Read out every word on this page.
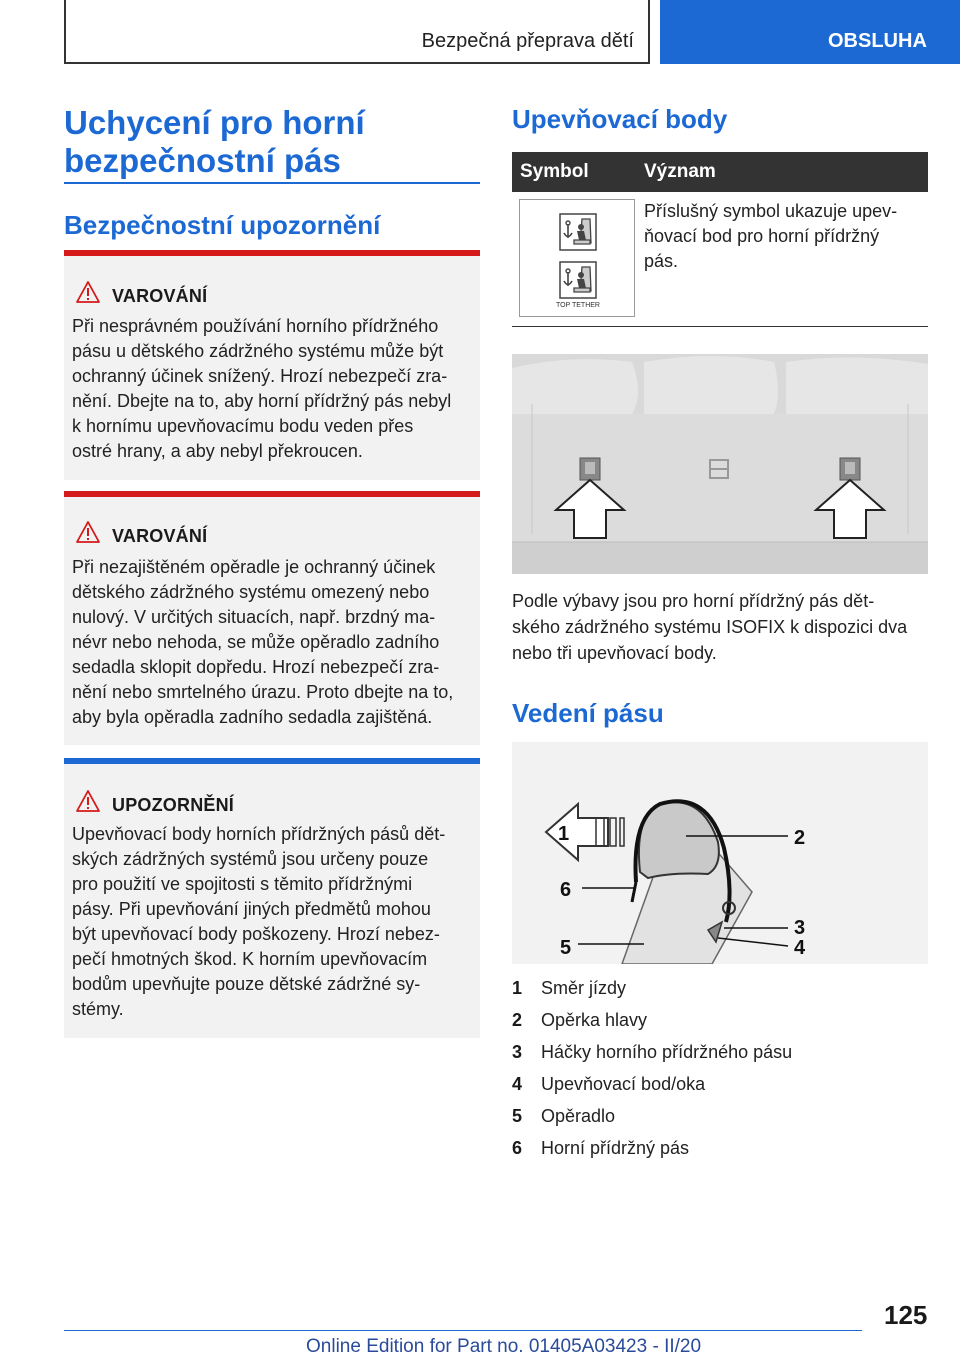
Bezpečná přeprava dětí	OBSLUHA
Uchycení pro horní bezpečnostní pás
Bezpečnostní upozornění
VAROVÁNÍ
Při nesprávném používání horního přídržného
pásu u dětského zádržného systému může být
ochranný účinek snížený. Hrozí nebezpečí zra-
nění. Dbejte na to, aby horní přídržný pás nebyl
k hornímu upevňovacímu bodu veden přes
ostré hrany, a aby nebyl překroucen.
VAROVÁNÍ
Při nezajištěném opěradle je ochranný účinek
dětského zádržného systému omezený nebo
nulový. V určitých situacích, např. brzdný ma-
névr nebo nehoda, se může opěradlo zadního
sedadla sklopit dopředu. Hrozí nebezpečí zra-
nění nebo smrtelného úrazu. Proto dbejte na to,
aby byla opěradla zadního sedadla zajištěná.
UPOZORNĚNÍ
Upevňovací body horních přídržných pásů dět-
ských zádržných systémů jsou určeny pouze
pro použití ve spojitosti s těmito přídržnými
pásy. Při upevňování jiných předmětů mohou
být upevňovací body poškozeny. Hrozí nebez-
pečí hmotných škod. K horním upevňovacím
bodům upevňujte pouze dětské zádržné sy-
stémy.
Upevňovací body
Symbol	Význam
TOP TETHER
Příslušný symbol ukazuje upev-
ňovací bod pro horní přídržný
pás.
Podle výbavy jsou pro horní přídržný pás dět-
ského zádržného systému ISOFIX k dispozici dva
nebo tři upevňovací body.
Vedení pásu
1	2
3
4
5
6
1 Směr jízdy
2 Opěrka hlavy
3 Háčky horního přídržného pásu
4 Upevňovací bod/oka
5 Opěradlo
6 Horní přídržný pás
125
Online Edition for Part no. 01405A03423 - II/20
